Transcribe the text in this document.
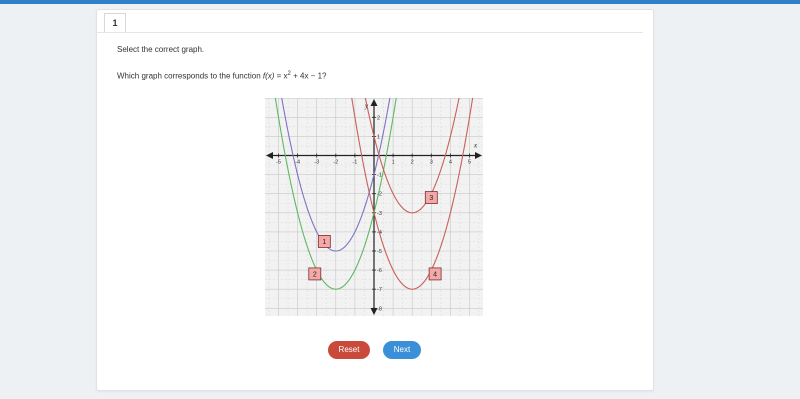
1
Select the correct graph.
Which graph corresponds to the function $f(x) = x^2 + 4x - 1$?
x
y
-5	-4	-3	-2	-1	1	2	3	4	5
2
1
-1
-2
-3
-4
-5
-6
-7
-8
1
2
3
4
Reset	Next
